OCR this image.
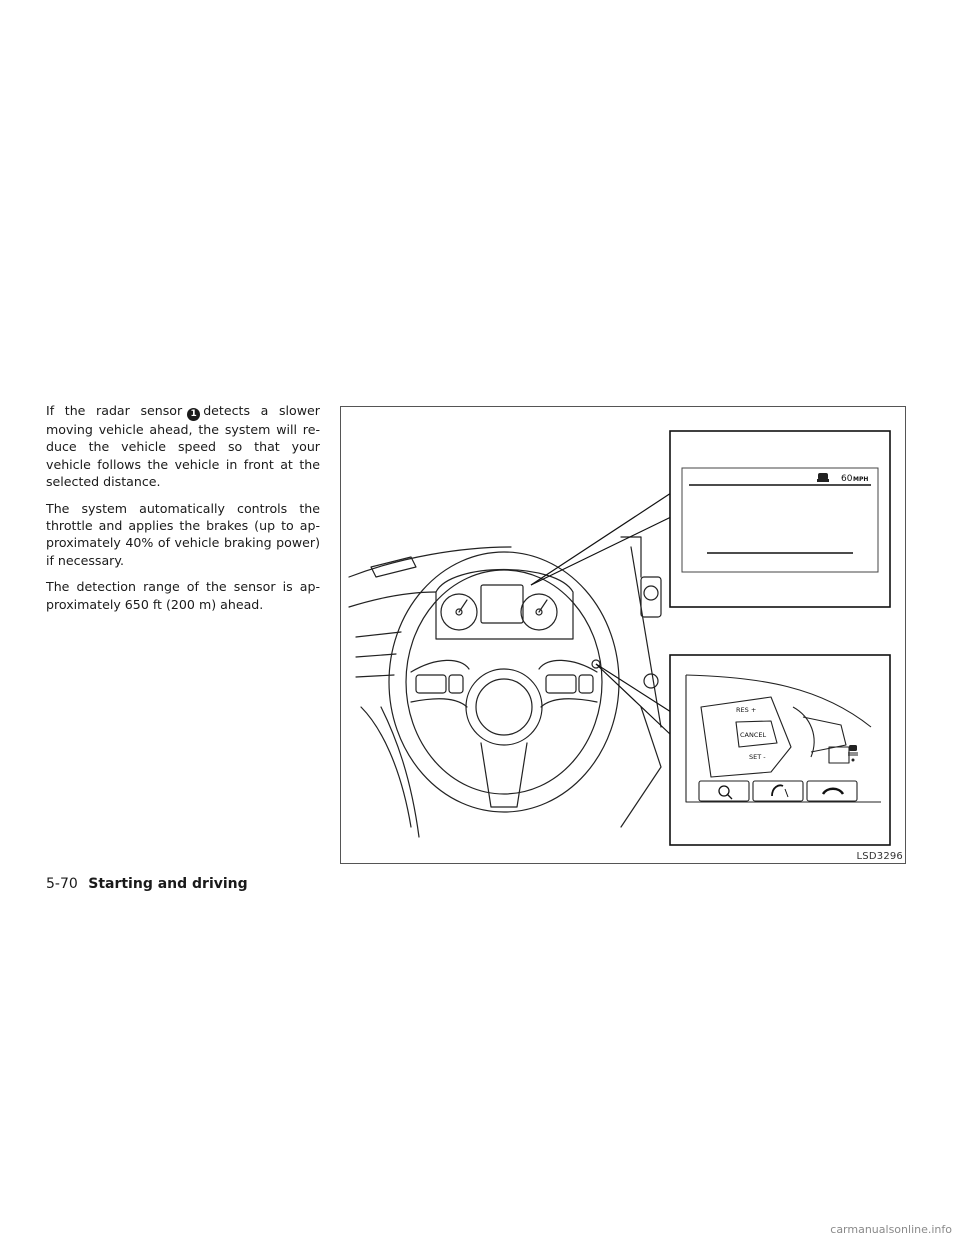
If the radar sensor 1 detects a slower moving vehicle ahead, the system will re-duce the vehicle speed so that your vehicle follows the vehicle in front at the selected distance.

The system automatically controls the throttle and applies the brakes (up to ap-proximately 40% of vehicle braking power) if necessary.

The detection range of the sensor is ap-proximately 650 ft (200 m) ahead.

60 MPH
RES +
CANCEL
SET -
LSD3296
5-70 Starting and driving
carmanualsonline.info
